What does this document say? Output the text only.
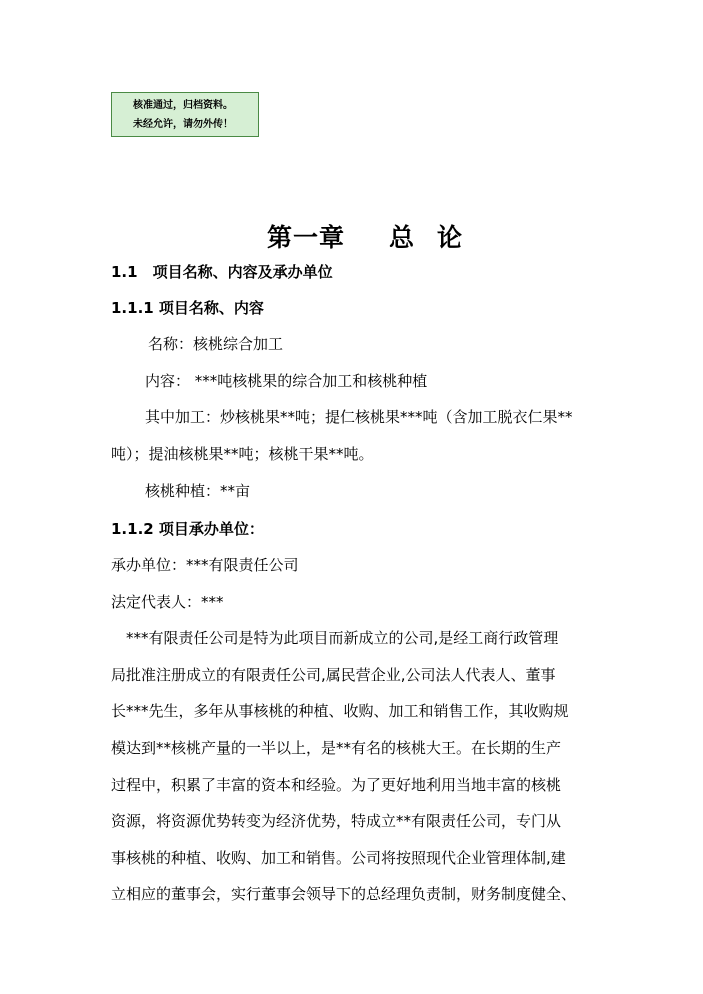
核准通过，归档资料。
未经允许，请勿外传！
第一章 总 论
1.1　项目名称、内容及承办单位
1.1.1 项目名称、内容
名称：核桃综合加工
内容： ***吨核桃果的综合加工和核桃种植
其中加工：炒核桃果**吨；提仁核桃果***吨（含加工脱衣仁果**
吨）；提油核桃果**吨；核桃干果**吨。
核桃种植：**亩
1.1.2 项目承办单位：
承办单位：***有限责任公司
法定代表人：***
　***有限责任公司是特为此项目而新成立的公司,是经工商行政管理
局批准注册成立的有限责任公司,属民营企业,公司法人代表人、董事
长***先生，多年从事核桃的种植、收购、加工和销售工作，其收购规
模达到**核桃产量的一半以上，是**有名的核桃大王。在长期的生产
过程中，积累了丰富的资本和经验。为了更好地利用当地丰富的核桃
资源，将资源优势转变为经济优势，特成立**有限责任公司，专门从
事核桃的种植、收购、加工和销售。公司将按照现代企业管理体制,建
立相应的董事会，实行董事会领导下的总经理负责制，财务制度健全、
